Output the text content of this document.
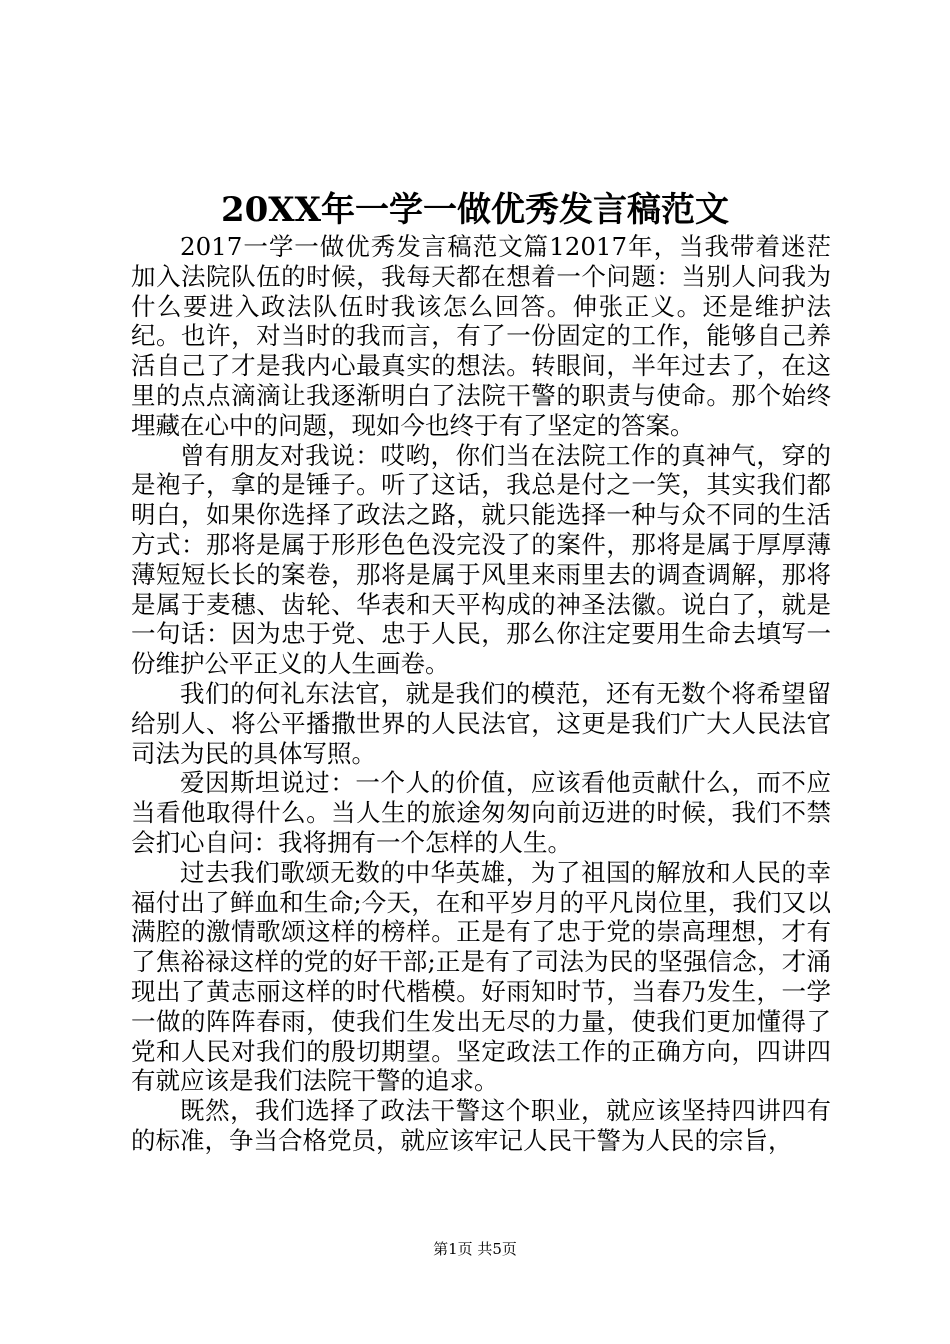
20XX年一学一做优秀发言稿范文

2017一学一做优秀发言稿范文篇12017年，当我带着迷茫加入法院队伍的时候，我每天都在想着一个问题：当别人问我为什么要进入政法队伍时我该怎么回答。伸张正义。还是维护法纪。也许，对当时的我而言，有了一份固定的工作，能够自己养活自己了才是我内心最真实的想法。转眼间，半年过去了，在这里的点点滴滴让我逐渐明白了法院干警的职责与使命。那个始终埋藏在心中的问题，现如今也终于有了坚定的答案。

曾有朋友对我说：哎哟，你们当在法院工作的真神气，穿的是袍子，拿的是锤子。听了这话，我总是付之一笑，其实我们都明白，如果你选择了政法之路，就只能选择一种与众不同的生活方式：那将是属于形形色色没完没了的案件，那将是属于厚厚薄薄短短长长的案卷，那将是属于风里来雨里去的调查调解，那将是属于麦穗、齿轮、华表和天平构成的神圣法徽。说白了，就是一句话：因为忠于党、忠于人民，那么你注定要用生命去填写一份维护公平正义的人生画卷。

我们的何礼东法官，就是我们的模范，还有无数个将希望留给别人、将公平播撒世界的人民法官，这更是我们广大人民法官司法为民的具体写照。

爱因斯坦说过：一个人的价值，应该看他贡献什么，而不应当看他取得什么。当人生的旅途匆匆向前迈进的时候，我们不禁会扪心自问：我将拥有一个怎样的人生。

过去我们歌颂无数的中华英雄，为了祖国的解放和人民的幸福付出了鲜血和生命;今天，在和平岁月的平凡岗位里，我们又以满腔的激情歌颂这样的榜样。正是有了忠于党的崇高理想，才有了焦裕禄这样的党的好干部;正是有了司法为民的坚强信念，才涌现出了黄志丽这样的时代楷模。好雨知时节，当春乃发生，一学一做的阵阵春雨，使我们生发出无尽的力量，使我们更加懂得了党和人民对我们的殷切期望。坚定政法工作的正确方向，四讲四有就应该是我们法院干警的追求。

既然，我们选择了政法干警这个职业，就应该坚持四讲四有的标准，争当合格党员，就应该牢记人民干警为人民的宗旨，

第1页 共5页
